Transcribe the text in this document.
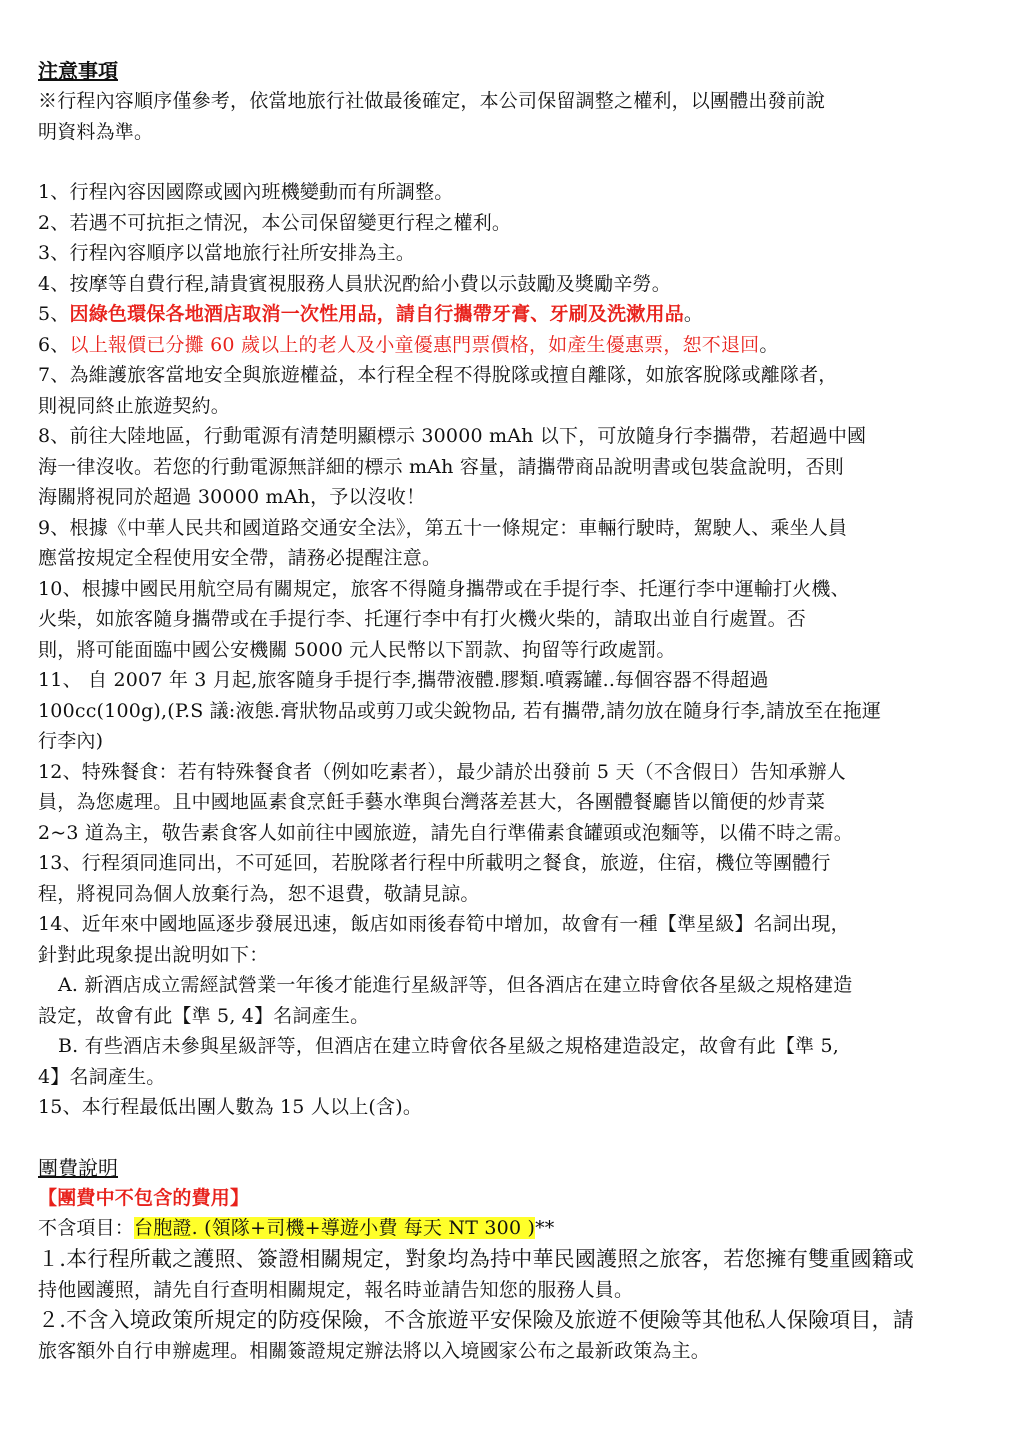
注意事項
※行程內容順序僅參考，依當地旅行社做最後確定，本公司保留調整之權利，以團體出發前說
明資料為準。
1、行程內容因國際或國內班機變動而有所調整。
2、若遇不可抗拒之情況，本公司保留變更行程之權利。
3、行程內容順序以當地旅行社所安排為主。
4、按摩等自費行程,請貴賓視服務人員狀況酌給小費以示鼓勵及獎勵辛勞。
5、因綠色環保各地酒店取消一次性用品，請自行攜帶牙膏、牙刷及洗漱用品。
6、以上報價已分攤 60 歲以上的老人及小童優惠門票價格，如產生優惠票，恕不退回。
7、為維護旅客當地安全與旅遊權益，本行程全程不得脫隊或擅自離隊，如旅客脫隊或離隊者，
則視同終止旅遊契約。
8、前往大陸地區，行動電源有清楚明顯標示 30000 mAh 以下，可放隨身行李攜帶，若超過中國
海一律沒收。若您的行動電源無詳細的標示 mAh 容量，請攜帶商品說明書或包裝盒說明，否則
海關將視同於超過 30000 mAh，予以沒收！
9、根據《中華人民共和國道路交通安全法》，第五十一條規定：車輛行駛時，駕駛人、乘坐人員
應當按規定全程使用安全帶，請務必提醒注意。
10、根據中國民用航空局有關規定，旅客不得隨身攜帶或在手提行李、托運行李中運輸打火機、
火柴，如旅客隨身攜帶或在手提行李、托運行李中有打火機火柴的，請取出並自行處置。否
則，將可能面臨中國公安機關 5000 元人民幣以下罰款、拘留等行政處罰。
11、 自 2007 年 3 月起,旅客隨身手提行李,攜帶液體.膠類.噴霧罐..每個容器不得超過
100cc(100g),(P.S 議:液態.膏狀物品或剪刀或尖銳物品, 若有攜帶,請勿放在隨身行李,請放至在拖運
行李內)
12、特殊餐食：若有特殊餐食者（例如吃素者），最少請於出發前 5 天（不含假日）告知承辦人
員，為您處理。且中國地區素食烹飪手藝水準與台灣落差甚大，各團體餐廳皆以簡便的炒青菜
2~3 道為主，敬告素食客人如前往中國旅遊，請先自行準備素食罐頭或泡麵等，以備不時之需。
13、行程須同進同出，不可延回，若脫隊者行程中所載明之餐食，旅遊，住宿，機位等團體行
程，將視同為個人放棄行為，恕不退費，敬請見諒。
14、近年來中國地區逐步發展迅速，飯店如雨後春筍中增加，故會有一種【準星級】名詞出現，
針對此現象提出說明如下：
A. 新酒店成立需經試營業一年後才能進行星級評等，但各酒店在建立時會依各星級之規格建造
設定，故會有此【準 5, 4】名詞產生。
B. 有些酒店未參與星級評等，但酒店在建立時會依各星級之規格建造設定，故會有此【準 5,
4】名詞產生。
15、本行程最低出團人數為 15 人以上(含)。
團費說明
【團費中不包含的費用】
不含項目：台胞證. (領隊+司機+導遊小費 每天 NT 300 )**
１.本行程所載之護照、簽證相關規定，對象均為持中華民國護照之旅客，若您擁有雙重國籍或
持他國護照，請先自行查明相關規定，報名時並請告知您的服務人員。
２.不含入境政策所規定的防疫保險，不含旅遊平安保險及旅遊不便險等其他私人保險項目，請
旅客額外自行申辦處理。相關簽證規定辦法將以入境國家公布之最新政策為主。
